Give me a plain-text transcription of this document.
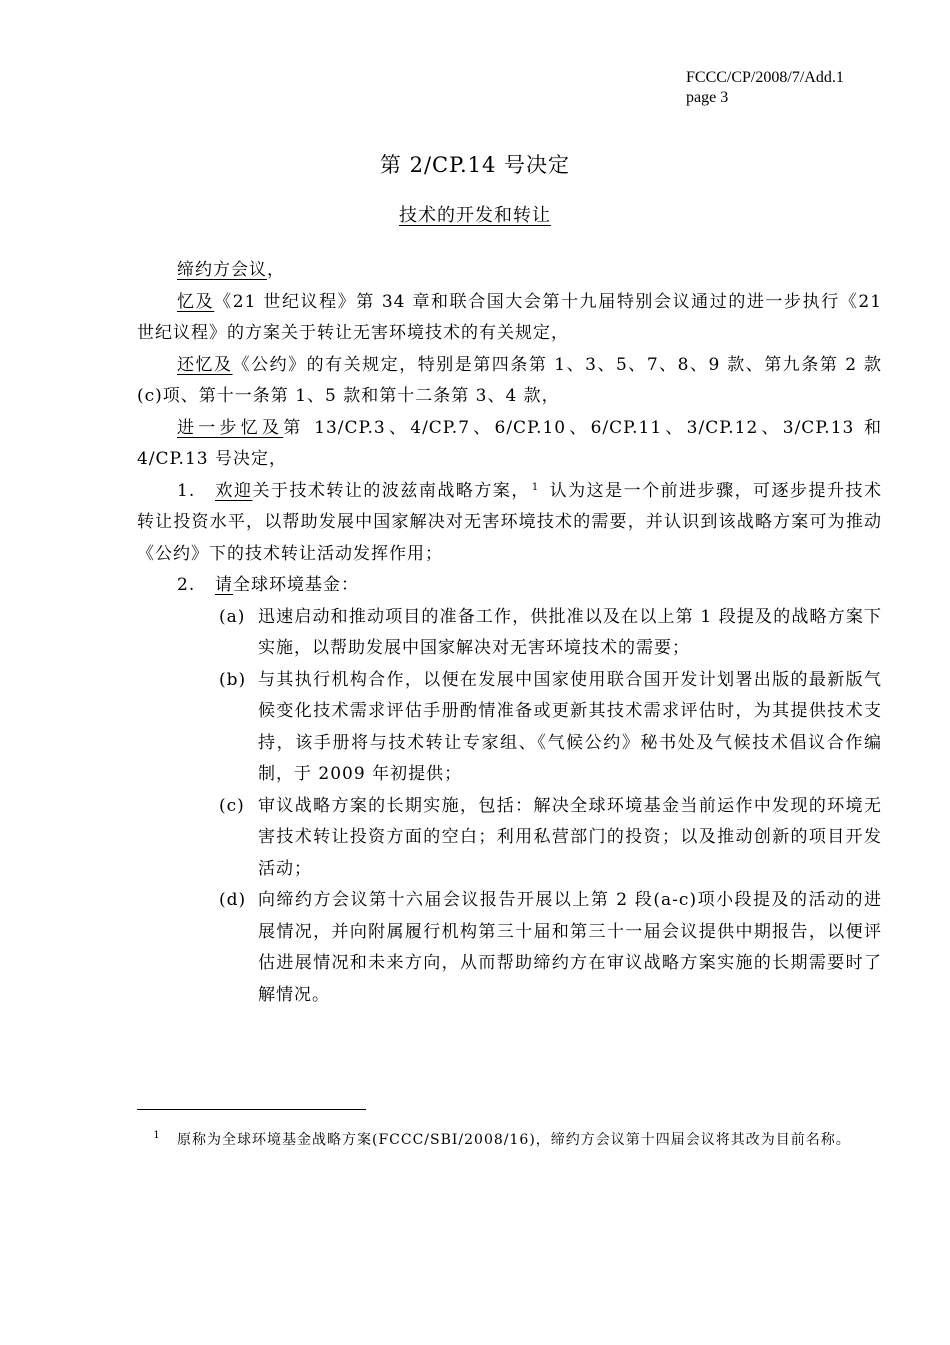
FCCC/CP/2008/7/Add.1
page 3
第 2/CP.14 号决定
技术的开发和转让

缔约方会议，

忆及《21 世纪议程》第 34 章和联合国大会第十九届特别会议通过的进一步执行《21 世纪议程》的方案关于转让无害环境技术的有关规定，

还忆及《公约》的有关规定，特别是第四条第 1、3、5、7、8、9 款、第九条第 2 款(c)项、第十一条第 1、5 款和第十二条第 3、4 款，

进一步忆及第 13/CP.3、4/CP.7、6/CP.10、6/CP.11、3/CP.12、3/CP.13 和 4/CP.13 号决定，

1. 欢迎关于技术转让的波兹南战略方案， $^1$ 认为这是一个前进步骤，可逐步提升技术转让投资水平，以帮助发展中国家解决对无害环境技术的需要，并认识到该战略方案可为推动《公约》下的技术转让活动发挥作用；

2. 请全球环境基金：

(a) 迅速启动和推动项目的准备工作，供批准以及在以上第 1 段提及的战略方案下实施，以帮助发展中国家解决对无害环境技术的需要；
(b) 与其执行机构合作，以便在发展中国家使用联合国开发计划署出版的最新版气候变化技术需求评估手册酌情准备或更新其技术需求评估时，为其提供技术支持，该手册将与技术转让专家组、《气候公约》秘书处及气候技术倡议合作编制，于 2009 年初提供；
(c) 审议战略方案的长期实施，包括：解决全球环境基金当前运作中发现的环境无害技术转让投资方面的空白；利用私营部门的投资；以及推动创新的项目开发活动；
(d) 向缔约方会议第十六届会议报告开展以上第 2 段(a-c)项小段提及的活动的进展情况，并向附属履行机构第三十届和第三十一届会议提供中期报告，以便评估进展情况和未来方向，从而帮助缔约方在审议战略方案实施的长期需要时了解情况。
1 原称为全球环境基金战略方案(FCCC/SBI/2008/16)，缔约方会议第十四届会议将其改为目前名称。
